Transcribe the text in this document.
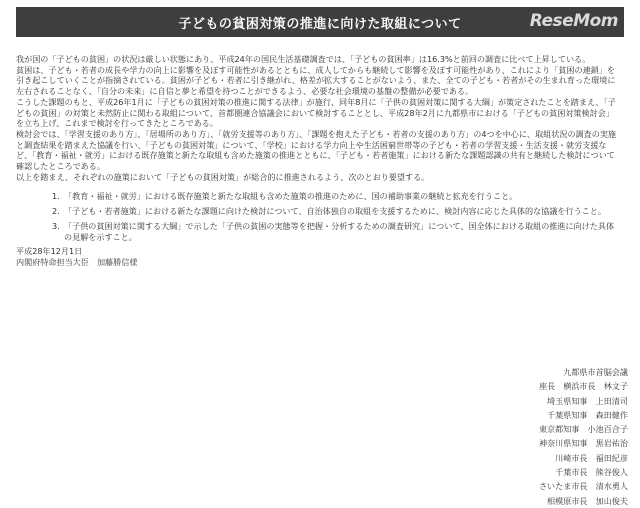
子どもの貧困対策の推進に向けた取組について	ReseMom

我が国の「子どもの貧困」の状況は厳しい状態にあり、平成24年の国民生活基礎調査では、「子どもの貧困率」は16.3%と前回の調査に比べて上昇している。

貧困は、子ども・若者の成長や学力の向上に影響を及ぼす可能性があるとともに、成人してからも継続して影響を及ぼす可能性があり、これにより「貧困の連鎖」を引き起こしていくことが指摘されている。貧困が子ども・若者に引き継がれ、格差が拡大することがないよう、また、全ての子ども・若者がその生まれ育った環境に左右されることなく、「自分の未来」に自信と夢と希望を持つことができるよう、必要な社会環境の基盤の整備が必要である。

こうした課題のもと、平成26年1月に「子どもの貧困対策の推進に関する法律」が施行、同年8月に「子供の貧困対策に関する大綱」が策定されたことを踏まえ、「子どもの貧困」の対策と未然防止に関わる取組について、首都圏連合協議会において検討することとし、平成28年2月に九都県市における「子どもの貧困対策検討会」を立ち上げ、これまで検討を行ってきたところである。

検討会では、「学習支援のあり方」、「居場所のあり方」、「就労支援等のあり方」、「課題を抱えた子ども・若者の支援のあり方」の4つを中心に、取組状況の調査の実施と調査結果を踏まえた協議を行い、「子どもの貧困対策」について、「学校」における学力向上や生活困窮世帯等の子ども・若者の学習支援・生活支援・就労支援など、「教育・福祉・就労」における既存施策と新たな取組も含めた施策の推進とともに、「子ども・若者施策」における新たな課題認識の共有と継続した検討について確認したところである。

以上を踏まえ、それぞれの施策において「子どもの貧困対策」が総合的に推進されるよう、次のとおり要望する。

1. 「教育・福祉・就労」における既存施策と新たな取組も含めた施策の推進のために、国の補助事業の継続と拡充を行うこと。
2. 「子ども・若者施策」における新たな課題に向けた検討について、自治体独自の取組を支援するために、検討内容に応じた具体的な協議を行うこと。
3. 「子供の貧困対策に関する大綱」で示した「子供の貧困の実態等を把握・分析するための調査研究」について、国全体における取組の推進に向けた具体の見解を示すこと。

平成28年12月1日

内閣府特命担当大臣　加藤勝信様

九都県市首脳会議
座長　横浜市長　林文子
埼玉県知事　上田清司
千葉県知事　森田健作
東京都知事　小池百合子
神奈川県知事　黒岩祐治
川崎市長　福田紀彦
千葉市長　熊谷俊人
さいたま市長　清水勇人
相模原市長　加山俊夫
